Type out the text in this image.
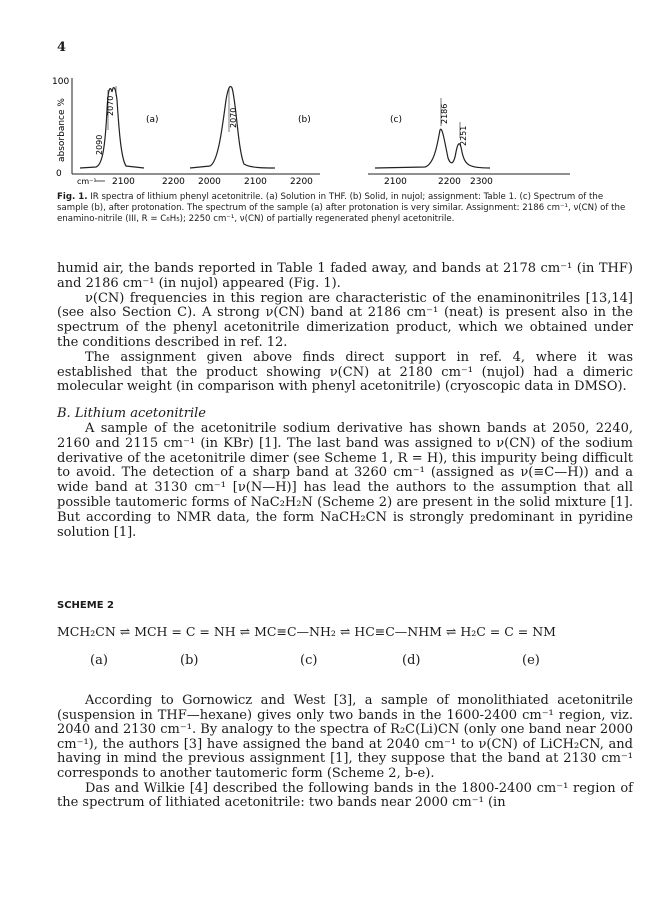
4
100
0
absorbance %
cm⁻¹
2090
2070
(a)
2100	2200
2070	(b)
2000	2100	2200
2186
2251
(c)
2100	2200 2300
Fig. 1. IR spectra of lithium phenyl acetonitrile. (a) Solution in THF. (b) Solid, in nujol; assignment: Table 1. (c) Spectrum of the sample (b), after protonation. The spectrum of the sample (a) after protonation is very similar. Assignment: 2186 cm⁻¹, ν(CN) of the enamino-nitrile (III, R = C₆H₅); 2250 cm⁻¹, ν(CN) of partially regenerated phenyl acetonitrile.

humid air, the bands reported in Table 1 faded away, and bands at 2178 cm⁻¹ (in THF) and 2186 cm⁻¹ (in nujol) appeared (Fig. 1).

ν(CN) frequencies in this region are characteristic of the enaminonitriles [13,14] (see also Section C). A strong ν(CN) band at 2186 cm⁻¹ (neat) is present also in the spectrum of the phenyl acetonitrile dimerization product, which we obtained under the conditions described in ref. 12.

The assignment given above finds direct support in ref. 4, where it was established that the product showing ν(CN) at 2180 cm⁻¹ (nujol) had a dimeric molecular weight (in comparison with phenyl acetonitrile) (cryoscopic data in DMSO).

B. Lithium acetonitrile

A sample of the acetonitrile sodium derivative has shown bands at 2050, 2240, 2160 and 2115 cm⁻¹ (in KBr) [1]. The last band was assigned to ν(CN) of the sodium derivative of the acetonitrile dimer (see Scheme 1, R = H), this impurity being difficult to avoid. The detection of a sharp band at 3260 cm⁻¹ (assigned as ν(≡C—H)) and a wide band at 3130 cm⁻¹ [ν(N—H)] has lead the authors to the assumption that all possible tautomeric forms of NaC₂H₂N (Scheme 2) are present in the solid mixture [1]. But according to NMR data, the form NaCH₂CN is strongly predominant in pyridine solution [1].

SCHEME 2
MCH₂CN ⇌ MCH = C = NH ⇌ MC≡C—NH₂ ⇌ HC≡C—NHM ⇌ H₂C = C = NM
(a)	(b)	(c)	(d)	(e)

According to Gornowicz and West [3], a sample of monolithiated acetonitrile (suspension in THF—hexane) gives only two bands in the 1600-2400 cm⁻¹ region, viz. 2040 and 2130 cm⁻¹. By analogy to the spectra of R₂C(Li)CN (only one band near 2000 cm⁻¹), the authors [3] have assigned the band at 2040 cm⁻¹ to ν(CN) of LiCH₂CN, and having in mind the previous assignment [1], they suppose that the band at 2130 cm⁻¹ corresponds to another tautomeric form (Scheme 2, b-e).

Das and Wilkie [4] described the following bands in the 1800-2400 cm⁻¹ region of the spectrum of lithiated acetonitrile: two bands near 2000 cm⁻¹ (in
